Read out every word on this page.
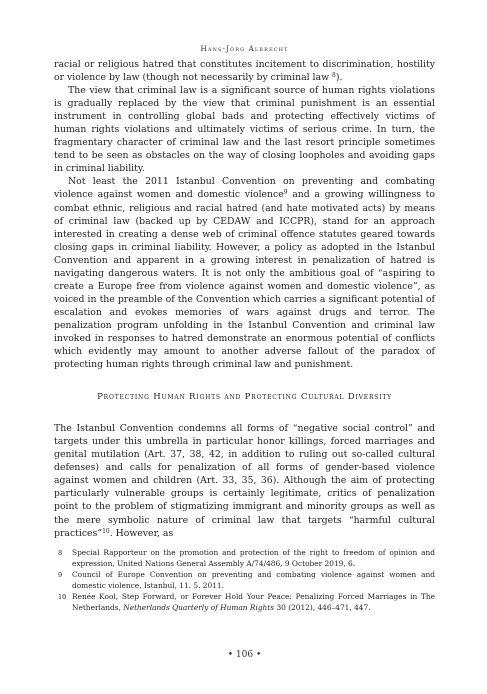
Hans-Jörg Albrecht

racial or religious hatred that constitutes incitement to discrimination, hostility or violence by law (though not necessarily by criminal law $^8$).

The view that criminal law is a significant source of human rights violations is gradually replaced by the view that criminal punishment is an essential instrument in controlling global bads and protecting effectively victims of human rights violations and ultimately victims of serious crime. In turn, the fragmentary character of criminal law and the last resort principle sometimes tend to be seen as obstacles on the way of closing loopholes and avoiding gaps in criminal liability.

Not least the 2011 Istanbul Convention on preventing and combating violence against women and domestic violence$^9$ and a growing willingness to combat ethnic, religious and racial hatred (and hate motivated acts) by means of criminal law (backed up by CEDAW and ICCPR), stand for an approach interested in creating a dense web of criminal offence statutes geared towards closing gaps in criminal liability. However, a policy as adopted in the Istanbul Convention and apparent in a growing interest in penalization of hatred is navigating dangerous waters. It is not only the ambitious goal of “aspiring to create a Europe free from violence against women and domestic violence”, as voiced in the preamble of the Convention which carries a significant potential of escalation and evokes memories of wars against drugs and terror. The penalization program unfolding in the Istanbul Convention and criminal law invoked in responses to hatred demonstrate an enormous potential of conflicts which evidently may amount to another adverse fallout of the paradox of protecting human rights through criminal law and punishment.

Protecting Human Rights and Protecting Cultural Diversity

The Istanbul Convention condemns all forms of “negative social control” and targets under this umbrella in particular honor killings, forced marriages and genital mutilation (Art. 37, 38, 42, in addition to ruling out so-called cultural defenses) and calls for penalization of all forms of gender-based violence against women and children (Art. 33, 35, 36). Although the aim of protecting particularly vulnerable groups is certainly legitimate, critics of penalization point to the problem of stigmatizing immigrant and minority groups as well as the mere symbolic nature of criminal law that targets “harmful cultural practices”$^{10}$. However, as

8	Special Rapporteur on the promotion and protection of the right to freedom of opinion and expression, United Nations General Assembly A/74/486, 9 October 2019, 6.
9	Council of Europe Convention on preventing and combating violence against women and domestic violence, Istanbul, 11. 5. 2011.
10 Renée Kool, Step Forward, or Forever Hold Your Peace: Penalizing Forced Marriages in The Netherlands, Netherlands Quarterly of Human Rights 30 (2012), 446–471, 447.
• 106 •
